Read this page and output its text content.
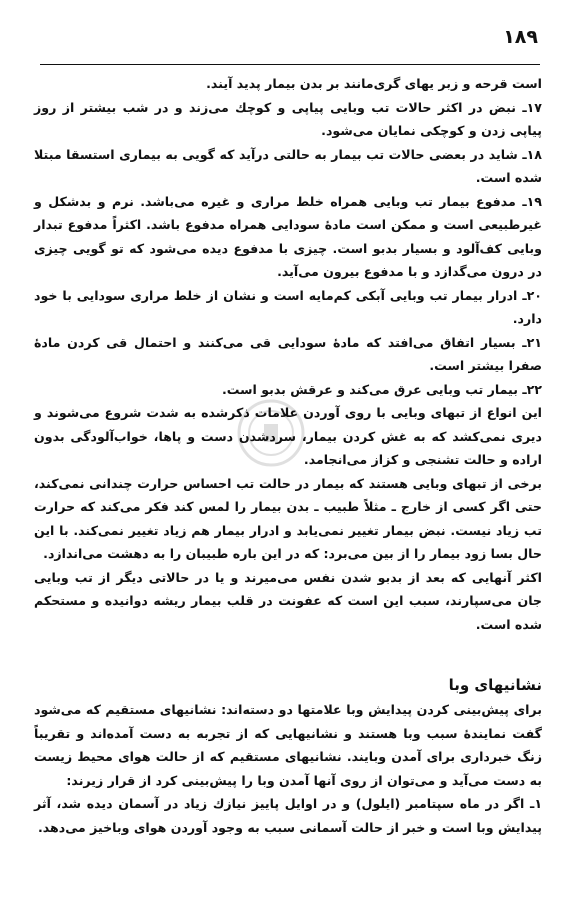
۱۸۹

است قرحه و زبر یهای گری‌مانند بر بدن بیمار پدید آیند.

۱۷ـ نبض در اکثر حالات تب وبایی پیاپی و کوچك می‌زند و در شب بیشتر از روز پیاپی زدن و کوچکی نمایان می‌شود.

۱۸ـ شاید در بعضی حالات تب بیمار به حالتی درآید که گویی به بیماری استسقا مبتلا شده است.

۱۹ـ مدفوع بیمار تب وبایی همراه خلط مراری و غیره می‌باشد. نرم و بدشکل و غیرطبیعی است و ممکن است مادهٔ سودایی همراه مدفوع باشد. اکثراً مدفوع تبدار وبایی کف‌آلود و بسیار بدبو است. چیزی با مدفوع دیده می‌شود که تو گویی چیزی در درون می‌گدازد و با مدفوع بیرون می‌آید.

۲۰ـ ادرار بیمار تب وبایی آبکی کم‌مایه است و نشان از خلط مراری سودایی با خود دارد.

۲۱ـ بسیار اتفاق می‌افتد که مادهٔ سودایی قی می‌کنند و احتمال قی کردن مادهٔ صفرا بیشتر است.

۲۲ـ بیمار تب وبایی عرق می‌کند و عرقش بدبو است.

این انواع از تبهای وبایی با روی آوردن علامات ذکرشده به شدت شروع می‌شوند و دیری نمی‌کشد که به غش کردن بیمار، سردشدن دست و پاها، خواب‌آلودگی بدون اراده و حالت تشنجی و کزاز می‌انجامد.

برخی از تبهای وبایی هستند که بیمار در حالت تب احساس حرارت چندانی نمی‌کند، حتی اگر کسی از خارج ـ مثلاً طبیب ـ بدن بیمار را لمس کند فکر می‌کند که حرارت تب زیاد نیست. نبض بیمار تغییر نمی‌یابد و ادرار بیمار هم زیاد تغییر نمی‌کند. با این حال بسا زود بیمار را از بین می‌برد: که در این باره طبیبان را به دهشت می‌اندازد.

اکثر آنهایی که بعد از بدبو شدن نفس می‌میرند و یا در حالاتی دیگر از تب وبایی جان می‌سپارند، سبب این است که عفونت در قلب بیمار ریشه دوانیده و مستحکم شده است.

نشانیهای وبا

برای پیش‌بینی کردن پیدایش وبا علامتها دو دسته‌اند: نشانیهای مستقیم که می‌شود گفت نمایندهٔ سبب وبا هستند و نشانیهایی که از تجربه به دست آمده‌اند و تقریباً زنگ خبرداری برای آمدن وبایند. نشانیهای مستقیم که از حالت هوای محیط زیست به دست می‌آید و می‌توان از روی آنها آمدن وبا را پیش‌بینی کرد از قرار زیرند:

۱ـ اگر در ماه سپتامبر (ایلول) و در اوایل پاییز نیازك زیاد در آسمان دیده شد، آثر پیدایش وبا است و خبر از حالت آسمانی سبب به وجود آوردن هوای وباخیز می‌دهد.
